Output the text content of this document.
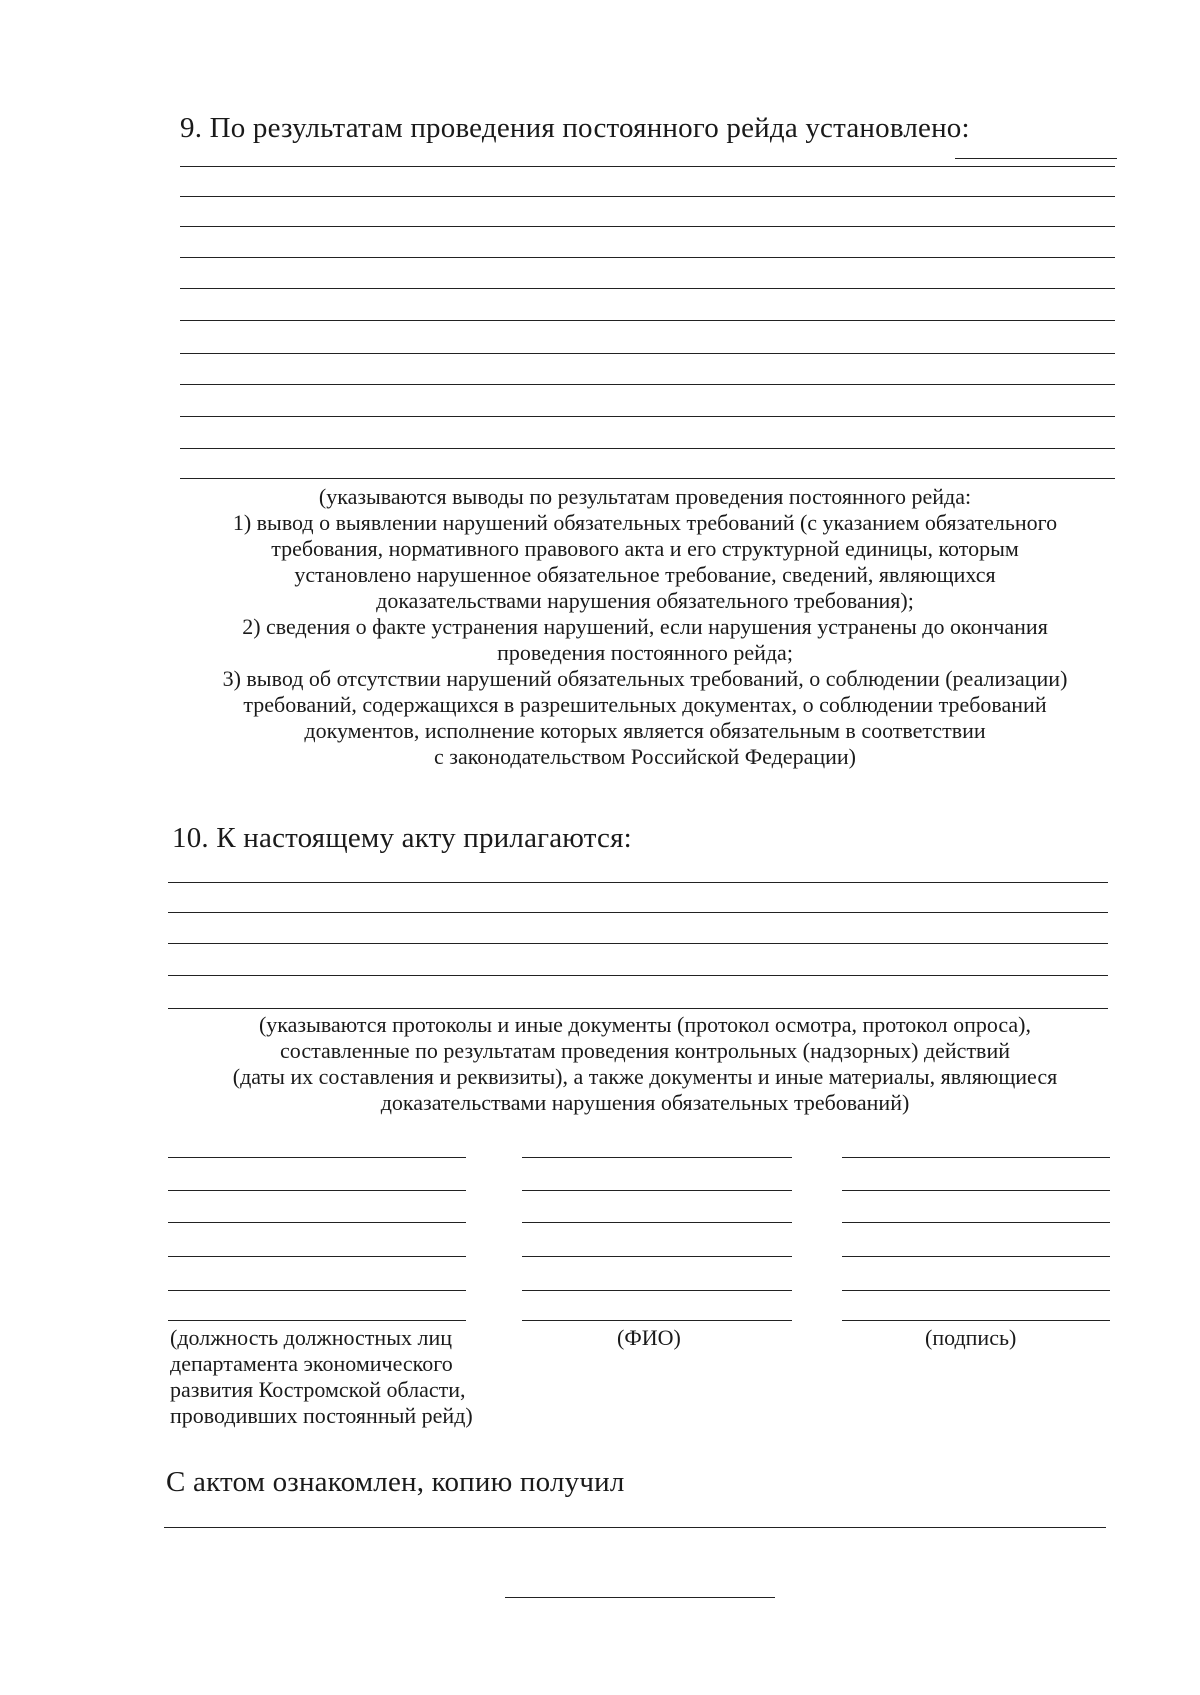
9. По результатам проведения постоянного рейда установлено:
(указываются выводы по результатам проведения постоянного рейда:
1) вывод о выявлении нарушений обязательных требований (с указанием обязательного
требования, нормативного правового акта и его структурной единицы, которым
установлено нарушенное обязательное требование, сведений, являющихся
доказательствами нарушения обязательного требования);
2) сведения о факте устранения нарушений, если нарушения устранены до окончания
проведения постоянного рейда;
3) вывод об отсутствии нарушений обязательных требований, о соблюдении (реализации)
требований, содержащихся в разрешительных документах, о соблюдении требований
документов, исполнение которых является обязательным в соответствии
с законодательством Российской Федерации)
10. К настоящему акту прилагаются:
(указываются протоколы и иные документы (протокол осмотра, протокол опроса),
составленные по результатам проведения контрольных (надзорных) действий
(даты их составления и реквизиты), а также документы и иные материалы, являющиеся
доказательствами нарушения обязательных требований)
(должность должностных лиц
департамента экономического
развития Костромской области,
проводивших постоянный рейд)
(ФИО)	(подпись)
С актом ознакомлен, копию получил
